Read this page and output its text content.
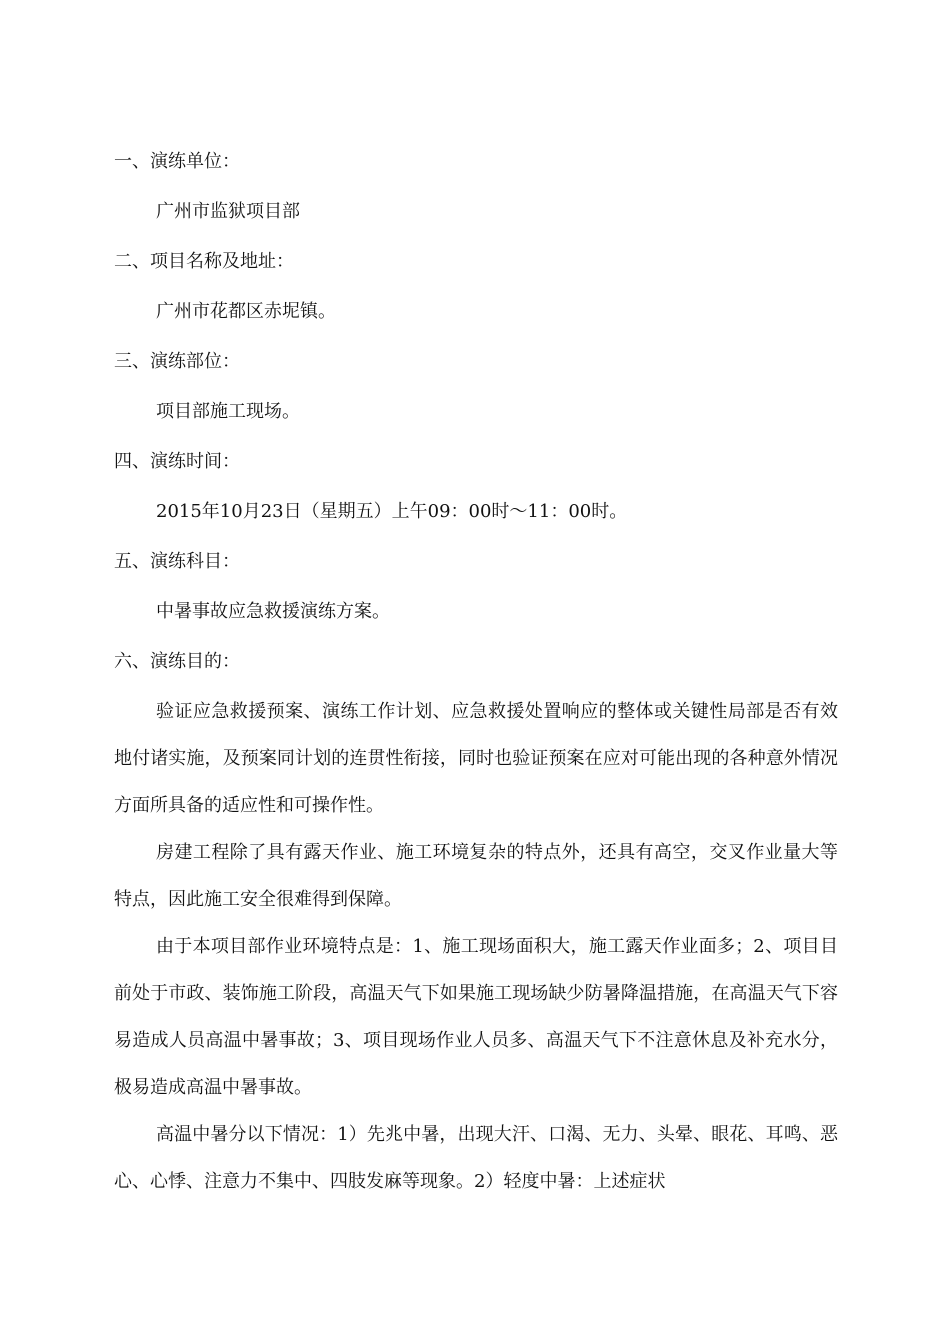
一、演练单位：
广州市监狱项目部
二、项目名称及地址：
广州市花都区赤坭镇。
三、演练部位：
项目部施工现场。
四、演练时间：
2015年10月23日（星期五）上午09：00时～11：00时。
五、演练科目：
中暑事故应急救援演练方案。
六、演练目的：
验证应急救援预案、演练工作计划、应急救援处置响应的整体或关键性局部是否有效地付诸实施，及预案同计划的连贯性衔接，同时也验证预案在应对可能出现的各种意外情况方面所具备的适应性和可操作性。
房建工程除了具有露天作业、施工环境复杂的特点外，还具有高空，交叉作业量大等特点，因此施工安全很难得到保障。
由于本项目部作业环境特点是：1、施工现场面积大，施工露天作业面多；2、项目目前处于市政、装饰施工阶段，高温天气下如果施工现场缺少防暑降温措施，在高温天气下容易造成人员高温中暑事故；3、项目现场作业人员多、高温天气下不注意休息及补充水分，极易造成高温中暑事故。
高温中暑分以下情况：1）先兆中暑，出现大汗、口渴、无力、头晕、眼花、耳鸣、恶心、心悸、注意力不集中、四肢发麻等现象。2）轻度中暑：上述症状
